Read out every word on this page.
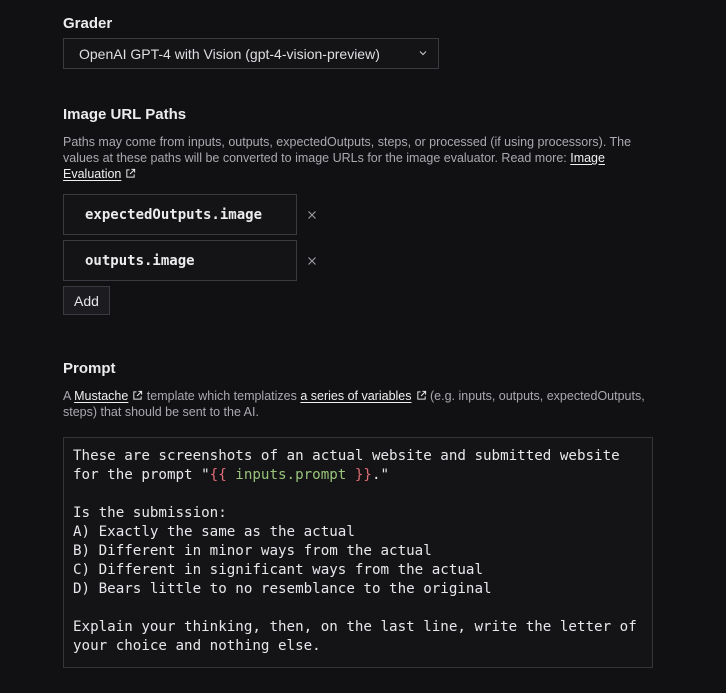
Grader
OpenAI GPT-4 with Vision (gpt-4-vision-preview)
Image URL Paths
Paths may come from inputs, outputs, expectedOutputs, steps, or processed (if using processors). The values at these paths will be converted to image URLs for the image evaluator. Read more: Image Evaluation
expectedOutputs.image
outputs.image
Add
Prompt
A Mustache template which templatizes a series of variables (e.g. inputs, outputs, expectedOutputs, steps) that should be sent to the AI.
These are screenshots of an actual website and submitted website
for the prompt "{{ inputs.prompt }}."
Is the submission:
A) Exactly the same as the actual
B) Different in minor ways from the actual
C) Different in significant ways from the actual
D) Bears little to no resemblance to the original
Explain your thinking, then, on the last line, write the letter of
your choice and nothing else.
